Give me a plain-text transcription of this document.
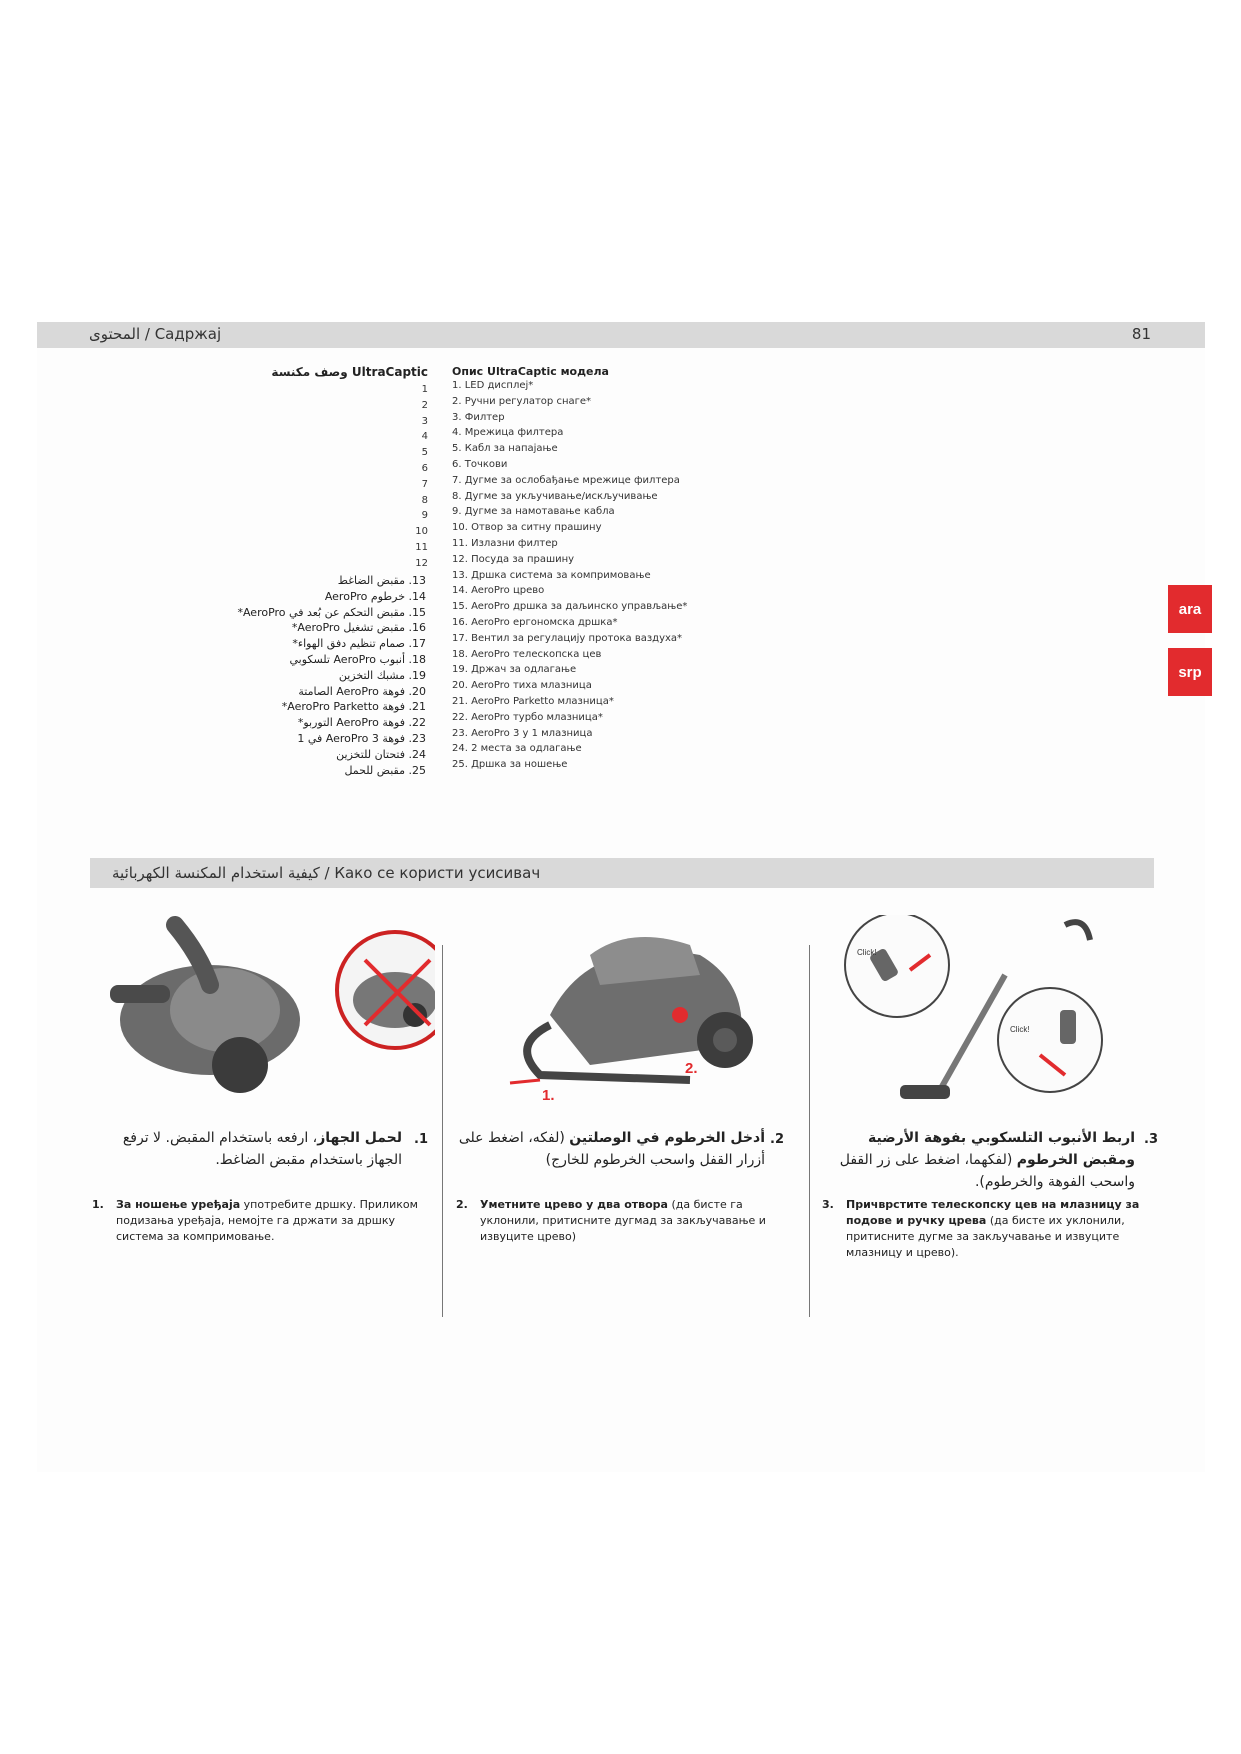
المحتوى / Садржај	81
ara
srp
وصف مكنسة UltraCaptic Опис UltraCaptic модела
1
2
3
4
5
6
7
8
9
10
11
12
13. مقبض الضاغط
14. خرطوم AeroPro
15. مقبض التحكم عن بُعد في AeroPro*
16. مقبض تشغيل AeroPro*
17. صمام تنظيم دفق الهواء*
18. أنبوب AeroPro تلسكوبي
19. مشبك التخزين
20. فوهة AeroPro الصامتة
21. فوهة AeroPro Parketto*
22. فوهة AeroPro التوربو*
23. فوهة AeroPro 3 في 1
24. فتحتان للتخزين
25. مقبض للحمل
1. LED дисплеј*
2. Ручни регулатор снаге*
3. Филтер
4. Мрежица филтера
5. Кабл за напајање
6. Точкови
7. Дугме за ослобађање мрежице филтера
8. Дугме за укључивање/искључивање
9. Дугме за намотавање кабла
10. Отвор за ситну прашину
11. Излазни филтер
12. Посуда за прашину
13. Дршка система за компримовање
14. AeroPro црево
15. AeroPro дршка за даљинско управљање*
16. AeroPro ергономска дршка*
17. Вентил за регулацију протока ваздуха*
18. AeroPro телескопска цев
19. Држач за одлагање
20. AeroPro тиха млазница
21. AeroPro Parketto млазница*
22. AeroPro турбо млазница*
23. AeroPro 3 у 1 млазница
24. 2 места за одлагање
25. Дршка за ношење
كيفية استخدام المكنسة الكهربائية / Како се користи усисивач
1.
2.
Click!
Click!
.1
لحمل الجهاز، ارفعه باستخدام المقبض. لا ترفع الجهاز باستخدام مقبض الضاغط.
1. За ношење уређаја употребите дршку. Приликом подизања уређаја, немојте га држати за дршку система за компримовање.
.2
أدخل الخرطوم في الوصلتين (لفكه، اضغط على أزرار القفل واسحب الخرطوم للخارج)
2. Уметните црево у два отвора (да бисте га уклонили, притисните дугмад за закључавање и извуците црево)
.3
اربط الأنبوب التلسكوبي بفوهة الأرضية ومقبض الخرطوم (لفكهما، اضغط على زر القفل واسحب الفوهة والخرطوم).
3. Причврстите телескопску цев на млазницу за подове и ручку црева (да бисте их уклонили, притисните дугме за закључавање и извуците млазницу и црево).
